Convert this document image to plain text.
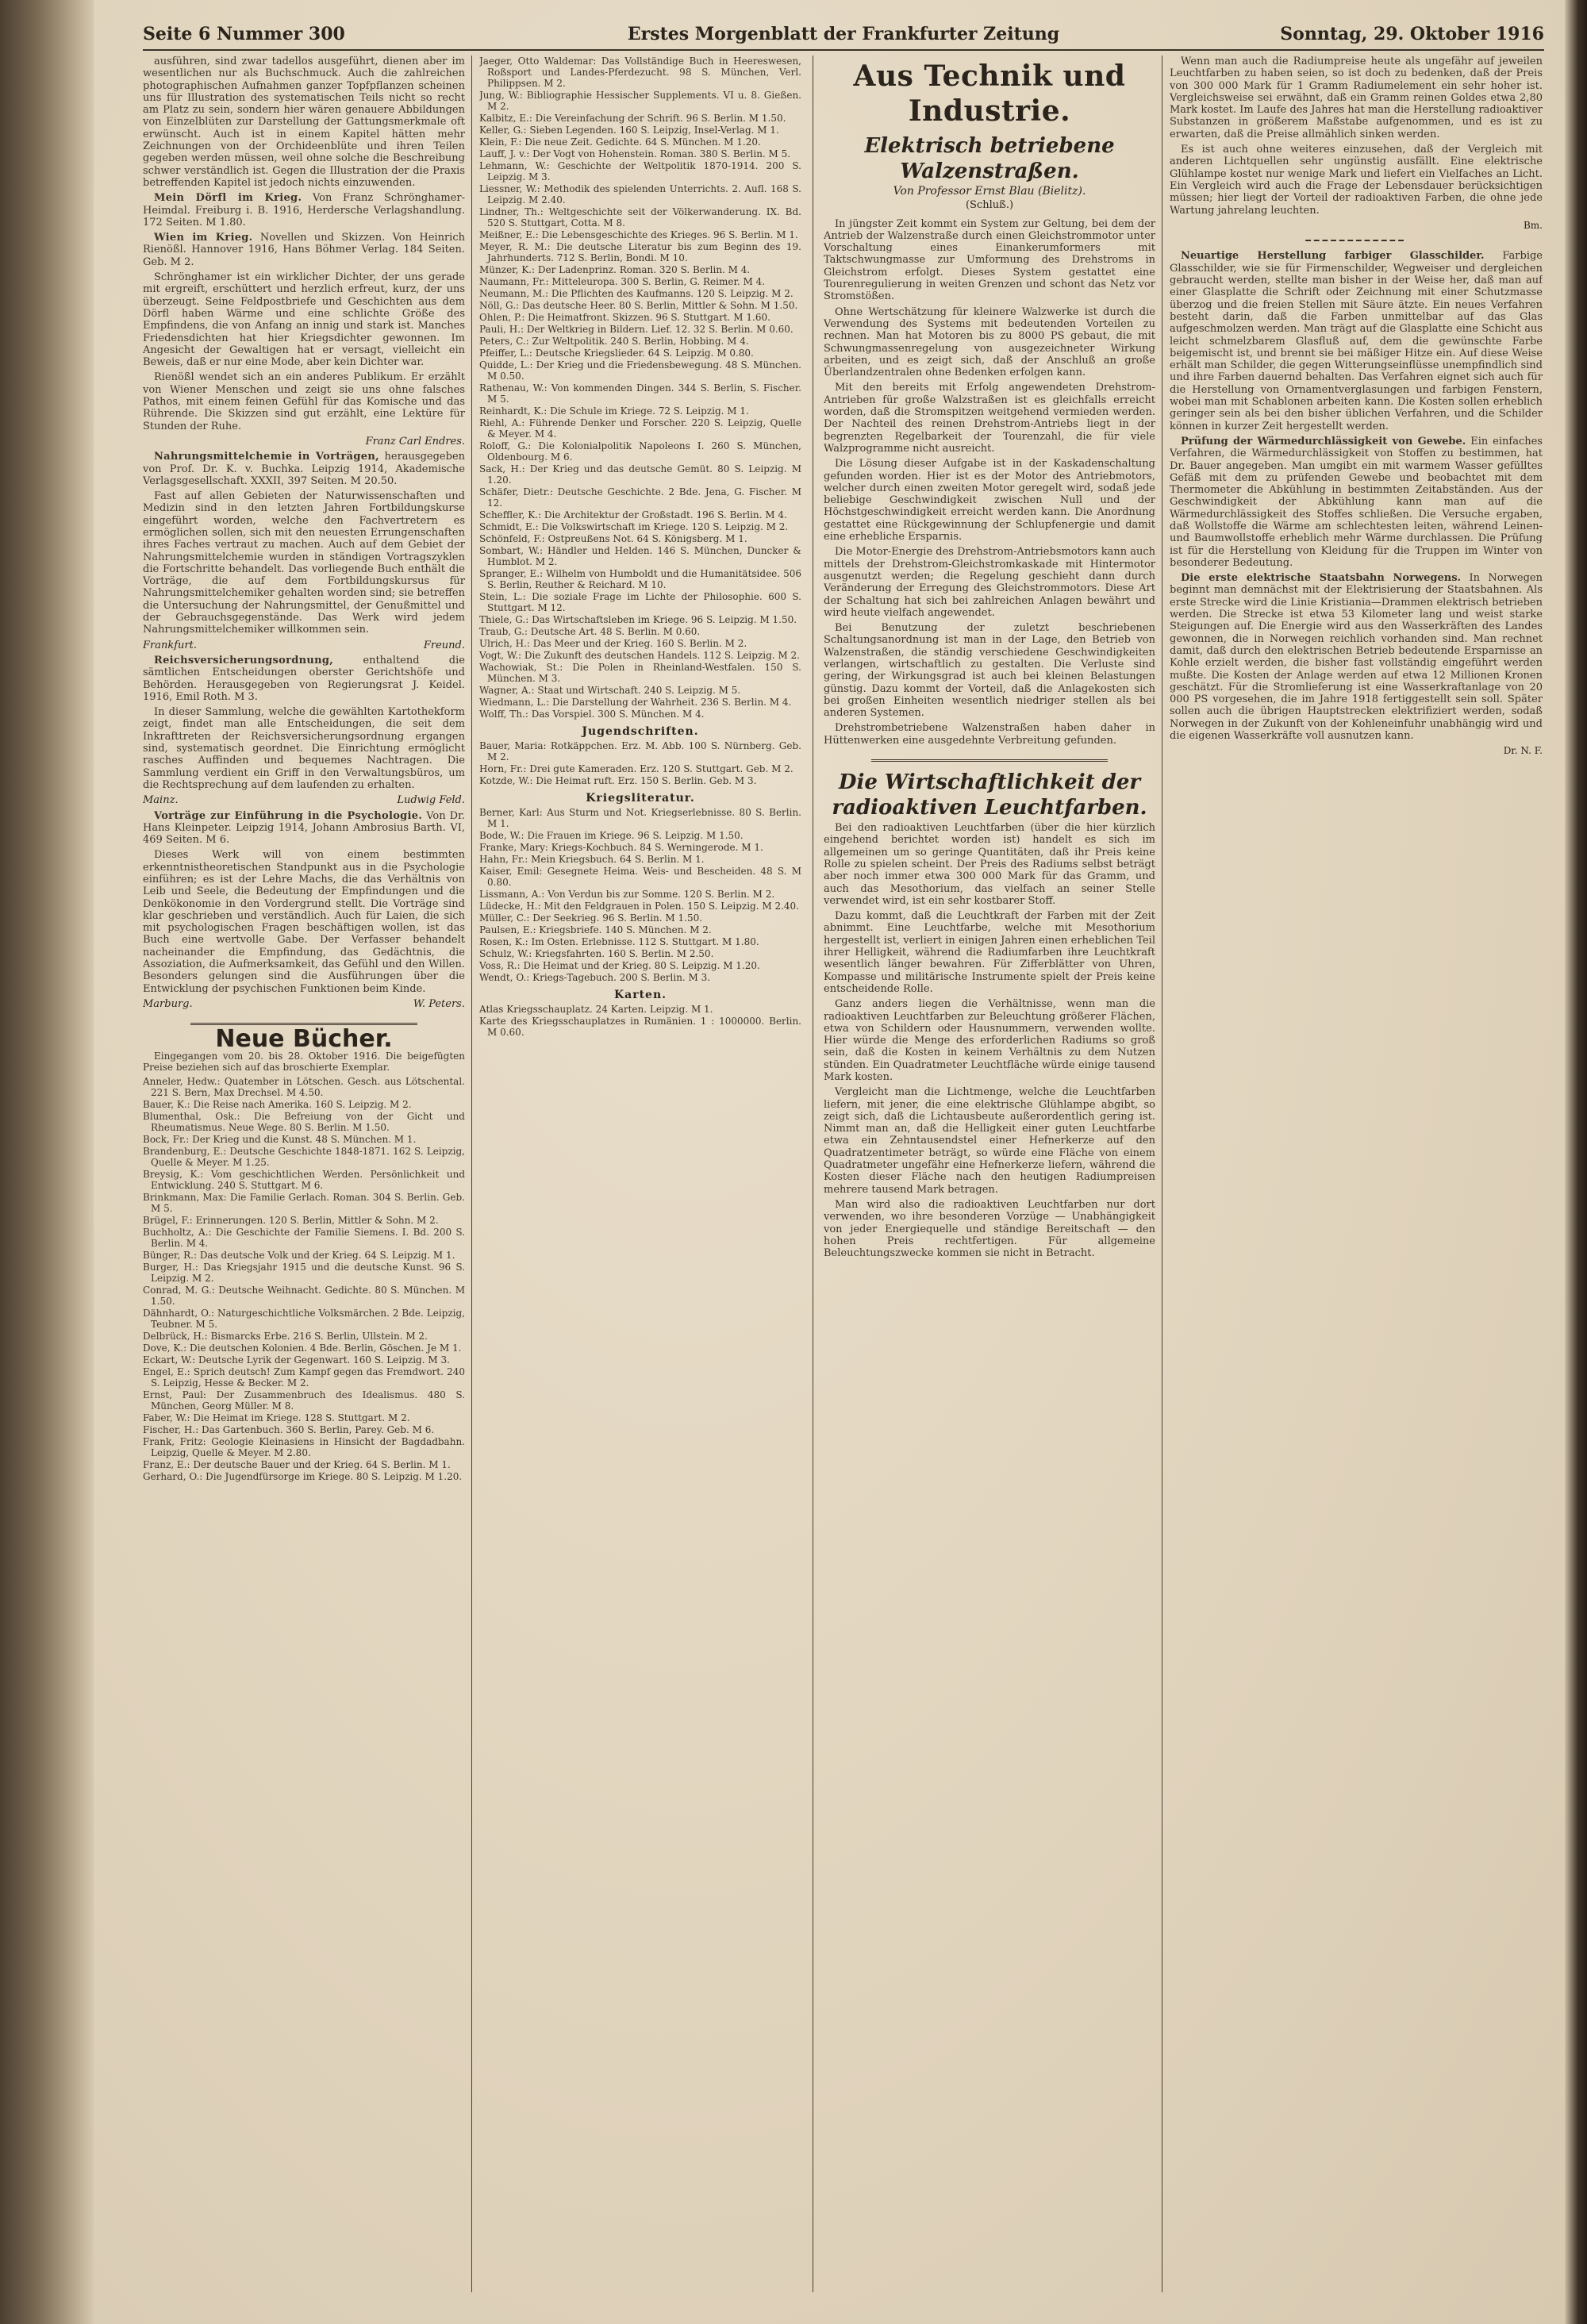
Seite 6 Nummer 300	Erstes Morgenblatt der Frankfurter Zeitung	Sonntag, 29. Oktober 1916

ausführen, sind zwar tadellos ausgeführt, dienen aber im wesentlichen nur als Buchschmuck. Auch die zahlreichen photographischen Aufnahmen ganzer Topfpflanzen scheinen uns für Illustration des systematischen Teils nicht so recht am Platz zu sein, sondern hier wären genauere Abbildungen von Einzelblüten zur Darstellung der Gattungsmerkmale oft erwünscht. Auch ist in einem Kapitel hätten mehr Zeichnungen von der Orchideenblüte und ihren Teilen gegeben werden müssen, weil ohne solche die Beschreibung schwer verständlich ist. Gegen die Illustration der die Praxis betreffenden Kapitel ist jedoch nichts einzuwenden.

Mein Dörfl im Krieg. Von Franz Schrönghamer-Heimdal. Freiburg i. B. 1916, Herdersche Verlagshandlung. 172 Seiten. M 1.80.

Wien im Krieg. Novellen und Skizzen. Von Heinrich Rienößl. Hannover 1916, Hans Böhmer Verlag. 184 Seiten. Geb. M 2.

Schrönghamer ist ein wirklicher Dichter, der uns gerade mit ergreift, erschüttert und herzlich erfreut, kurz, der uns überzeugt. Seine Feldpostbriefe und Geschichten aus dem Dörfl haben Wärme und eine schlichte Größe des Empfindens, die von Anfang an innig und stark ist. Manches Friedensdichten hat hier Kriegsdichter gewonnen. Im Angesicht der Gewaltigen hat er versagt, vielleicht ein Beweis, daß er nur eine Mode, aber kein Dichter war.

Rienößl wendet sich an ein anderes Publikum. Er erzählt von Wiener Menschen und zeigt sie uns ohne falsches Pathos, mit einem feinen Gefühl für das Komische und das Rührende. Die Skizzen sind gut erzählt, eine Lektüre für Stunden der Ruhe.

Franz Carl Endres.

Nahrungsmittelchemie in Vorträgen, herausgegeben von Prof. Dr. K. v. Buchka. Leipzig 1914, Akademische Verlagsgesellschaft. XXXII, 397 Seiten. M 20.50.

Fast auf allen Gebieten der Naturwissenschaften und Medizin sind in den letzten Jahren Fortbildungskurse eingeführt worden, welche den Fachvertretern es ermöglichen sollen, sich mit den neuesten Errungenschaften ihres Faches vertraut zu machen. Auch auf dem Gebiet der Nahrungsmittelchemie wurden in ständigen Vortragszyklen die Fortschritte behandelt. Das vorliegende Buch enthält die Vorträge, die auf dem Fortbildungskursus für Nahrungsmittelchemiker gehalten worden sind; sie betreffen die Untersuchung der Nahrungsmittel, der Genußmittel und der Gebrauchsgegenstände. Das Werk wird jedem Nahrungsmittelchemiker willkommen sein.

Frankfurt.	Freund.

Reichsversicherungsordnung,	enthaltend die sämtlichen Entscheidungen oberster Gerichtshöfe und Behörden. Herausgegeben von Regierungsrat J. Keidel. 1916, Emil Roth. M 3.

In dieser Sammlung, welche die gewählten Kartothekform zeigt, findet man alle Entscheidungen, die seit dem Inkrafttreten der Reichsversicherungsordnung ergangen sind, systematisch geordnet. Die Einrichtung ermöglicht rasches Auffinden und bequemes Nachtragen. Die Sammlung verdient ein Griff in den Verwaltungsbüros, um die Rechtsprechung auf dem laufenden zu erhalten.

Mainz.	Ludwig Feld.

Vorträge zur Einführung in die Psychologie. Von Dr. Hans Kleinpeter. Leipzig 1914, Johann Ambrosius Barth. VI, 469 Seiten. M 6.

Dieses Werk will von einem bestimmten erkenntnistheoretischen Standpunkt aus in die Psychologie einführen; es ist der Lehre Machs, die das Verhältnis von Leib und Seele, die Bedeutung der Empfindungen und die Denkökonomie in den Vordergrund stellt. Die Vorträge sind klar geschrieben und verständlich. Auch für Laien, die sich mit psychologischen Fragen beschäftigen wollen, ist das Buch eine wertvolle Gabe. Der Verfasser behandelt nacheinander die Empfindung, das Gedächtnis, die Assoziation, die Aufmerksamkeit, das Gefühl und den Willen. Besonders gelungen sind die Ausführungen über die Entwicklung der psychischen Funktionen beim Kinde.

Marburg.	W. Peters.
Neue Bücher.

Eingegangen vom 20. bis 28. Oktober 1916. Die beigefügten Preise beziehen sich auf das broschierte Exemplar.

Anneler, Hedw.: Quatember in Lötschen. Gesch. aus Lötschental. 221 S. Bern, Max Drechsel. M 4.50.

Bauer, K.: Die Reise nach Amerika. 160 S. Leipzig. M 2.

Blumenthal, Osk.: Die Befreiung von der Gicht und Rheumatismus. Neue Wege. 80 S. Berlin. M 1.50.

Bock, Fr.: Der Krieg und die Kunst. 48 S. München. M 1.

Brandenburg, E.: Deutsche Geschichte 1848-1871. 162 S. Leipzig, Quelle & Meyer. M 1.25.

Breysig, K.: Vom geschichtlichen Werden. Persönlichkeit und Entwicklung. 240 S. Stuttgart. M 6.

Brinkmann, Max: Die Familie Gerlach. Roman. 304 S. Berlin. Geb. M 5.

Brügel, F.: Erinnerungen. 120 S. Berlin, Mittler & Sohn. M 2.

Buchholtz, A.: Die Geschichte der Familie Siemens. I. Bd. 200 S. Berlin. M 4.

Bünger, R.: Das deutsche Volk und der Krieg. 64 S. Leipzig. M 1.

Burger, H.: Das Kriegsjahr 1915 und die deutsche Kunst. 96 S. Leipzig. M 2.

Conrad, M. G.: Deutsche Weihnacht. Gedichte. 80 S. München. M 1.50.

Dähnhardt, O.: Naturgeschichtliche Volksmärchen. 2 Bde. Leipzig, Teubner. M 5.

Delbrück, H.: Bismarcks Erbe. 216 S. Berlin, Ullstein. M 2.

Dove, K.: Die deutschen Kolonien. 4 Bde. Berlin, Göschen. Je M 1.

Eckart, W.: Deutsche Lyrik der Gegenwart. 160 S. Leipzig. M 3.

Engel, E.: Sprich deutsch! Zum Kampf gegen das Fremdwort. 240 S. Leipzig, Hesse & Becker. M 2.

Ernst, Paul: Der Zusammenbruch des Idealismus. 480 S. München, Georg Müller. M 8.

Faber, W.: Die Heimat im Kriege. 128 S. Stuttgart. M 2.

Fischer, H.: Das Gartenbuch. 360 S. Berlin, Parey. Geb. M 6.

Frank, Fritz: Geologie Kleinasiens in Hinsicht der Bagdadbahn. Leipzig, Quelle & Meyer. M 2.80.

Franz, E.: Der deutsche Bauer und der Krieg. 64 S. Berlin. M 1.

Gerhard, O.: Die Jugendfürsorge im Kriege. 80 S. Leipzig. M 1.20.

Jaeger, Otto Waldemar: Das Vollständige Buch in Heereswesen, Roßsport und Landes-Pferdezucht. 98 S. München, Verl. Philippsen. M 2.

Jung, W.: Bibliographie Hessischer Supplements. VI u. 8. Gießen. M 2.

Kalbitz, E.: Die Vereinfachung der Schrift. 96 S. Berlin. M 1.50.

Keller, G.: Sieben Legenden. 160 S. Leipzig, Insel-Verlag. M 1.

Klein, F.: Die neue Zeit. Gedichte. 64 S. München. M 1.20.

Lauff, J. v.: Der Vogt von Hohenstein. Roman. 380 S. Berlin. M 5.

Lehmann, W.: Geschichte der Weltpolitik 1870-1914. 200 S. Leipzig. M 3.

Liessner, W.: Methodik des spielenden Unterrichts. 2. Aufl. 168 S. Leipzig. M 2.40.

Lindner, Th.: Weltgeschichte seit der Völkerwanderung. IX. Bd. 520 S. Stuttgart, Cotta. M 8.

Meißner, E.: Die Lebensgeschichte des Krieges. 96 S. Berlin. M 1.

Meyer, R. M.: Die deutsche Literatur bis zum Beginn des 19. Jahrhunderts. 712 S. Berlin, Bondi. M 10.

Münzer, K.: Der Ladenprinz. Roman. 320 S. Berlin. M 4.

Naumann, Fr.: Mitteleuropa. 300 S. Berlin, G. Reimer. M 4.

Neumann, M.: Die Pflichten des Kaufmanns. 120 S. Leipzig. M 2.

Nöll, G.: Das deutsche Heer. 80 S. Berlin, Mittler & Sohn. M 1.50.

Ohlen, P.: Die Heimatfront. Skizzen. 96 S. Stuttgart. M 1.60.

Pauli, H.: Der Weltkrieg in Bildern. Lief. 12. 32 S. Berlin. M 0.60.

Peters, C.: Zur Weltpolitik. 240 S. Berlin, Hobbing. M 4.

Pfeiffer, L.: Deutsche Kriegslieder. 64 S. Leipzig. M 0.80.

Quidde, L.: Der Krieg und die Friedensbewegung. 48 S. München. M 0.50.

Rathenau, W.: Von kommenden Dingen. 344 S. Berlin, S. Fischer. M 5.

Reinhardt, K.: Die Schule im Kriege. 72 S. Leipzig. M 1.

Riehl, A.: Führende Denker und Forscher. 220 S. Leipzig, Quelle & Meyer. M 4.

Roloff, G.: Die Kolonialpolitik Napoleons I. 260 S. München, Oldenbourg. M 6.

Sack, H.: Der Krieg und das deutsche Gemüt. 80 S. Leipzig. M 1.20.

Schäfer, Dietr.: Deutsche Geschichte. 2 Bde. Jena, G. Fischer. M 12.

Scheffler, K.: Die Architektur der Großstadt. 196 S. Berlin. M 4.

Schmidt, E.: Die Volkswirtschaft im Kriege. 120 S. Leipzig. M 2.

Schönfeld, F.: Ostpreußens Not. 64 S. Königsberg. M 1.

Sombart, W.: Händler und Helden. 146 S. München, Duncker & Humblot. M 2.

Spranger, E.: Wilhelm von Humboldt und die Humanitätsidee. 506 S. Berlin, Reuther & Reichard. M 10.

Stein, L.: Die soziale Frage im Lichte der Philosophie. 600 S. Stuttgart. M 12.

Thiele, G.: Das Wirtschaftsleben im Kriege. 96 S. Leipzig. M 1.50.

Traub, G.: Deutsche Art. 48 S. Berlin. M 0.60.

Ulrich, H.: Das Meer und der Krieg. 160 S. Berlin. M 2.

Vogt, W.: Die Zukunft des deutschen Handels. 112 S. Leipzig. M 2.

Wachowiak, St.: Die Polen in Rheinland-Westfalen. 150 S. München. M 3.

Wagner, A.: Staat und Wirtschaft. 240 S. Leipzig. M 5.

Wiedmann, L.: Die Darstellung der Wahrheit. 236 S. Berlin. M 4.

Wolff, Th.: Das Vorspiel. 300 S. München. M 4.

Jugendschriften.

Bauer, Maria: Rotkäppchen. Erz. M. Abb. 100 S. Nürnberg. Geb. M 2.

Horn, Fr.: Drei gute Kameraden. Erz. 120 S. Stuttgart. Geb. M 2.

Kotzde, W.: Die Heimat ruft. Erz. 150 S. Berlin. Geb. M 3.

Kriegsliteratur.

Berner, Karl: Aus Sturm und Not. Kriegserlebnisse. 80 S. Berlin. M 1.

Bode, W.: Die Frauen im Kriege. 96 S. Leipzig. M 1.50.

Franke, Mary: Kriegs-Kochbuch. 84 S. Werningerode. M 1.

Hahn, Fr.: Mein Kriegsbuch. 64 S. Berlin. M 1.

Kaiser, Emil: Gesegnete Heima. Weis- und Bescheiden. 48 S. M 0.80.

Lissmann, A.: Von Verdun bis zur Somme. 120 S. Berlin. M 2.

Lüdecke, H.: Mit den Feldgrauen in Polen. 150 S. Leipzig. M 2.40.

Müller, C.: Der Seekrieg. 96 S. Berlin. M 1.50.

Paulsen, E.: Kriegsbriefe. 140 S. München. M 2.

Rosen, K.: Im Osten. Erlebnisse. 112 S. Stuttgart. M 1.80.

Schulz, W.: Kriegsfahrten. 160 S. Berlin. M 2.50.

Voss, R.: Die Heimat und der Krieg. 80 S. Leipzig. M 1.20.

Wendt, O.: Kriegs-Tagebuch. 200 S. Berlin. M 3.

Karten.

Atlas Kriegsschauplatz. 24 Karten. Leipzig. M 1.

Karte des Kriegsschauplatzes in Rumänien. 1 : 1000000. Berlin. M 0.60.

Aus Technik und Industrie.
Elektrisch betriebene Walzenstraßen.
Von Professor Ernst Blau (Bielitz).
(Schluß.)

In jüngster Zeit kommt ein System zur Geltung, bei dem der Antrieb der Walzenstraße durch einen Gleichstrommotor unter Vorschaltung eines Einankerumformers mit Taktschwungmasse zur Umformung des Drehstroms in Gleichstrom erfolgt. Dieses System gestattet eine Tourenregulierung in weiten Grenzen und schont das Netz vor Stromstößen.

Ohne Wertschätzung für kleinere Walzwerke ist durch die Verwendung des Systems mit bedeutenden Vorteilen zu rechnen. Man hat Motoren bis zu 8000 PS gebaut, die mit Schwungmassenregelung von ausgezeichneter Wirkung arbeiten, und es zeigt sich, daß der Anschluß an große Überlandzentralen ohne Bedenken erfolgen kann.

Mit den bereits mit Erfolg angewendeten Drehstrom-Antrieben für große Walzstraßen ist es gleichfalls erreicht worden, daß die Stromspitzen weitgehend vermieden werden. Der Nachteil des reinen Drehstrom-Antriebs liegt in der begrenzten Regelbarkeit der Tourenzahl, die für viele Walzprogramme nicht ausreicht.

Die Lösung dieser Aufgabe ist in der Kaskadenschaltung gefunden worden. Hier ist es der Motor des Antriebmotors, welcher durch einen zweiten Motor geregelt wird, sodaß jede beliebige Geschwindigkeit zwischen Null und der Höchstgeschwindigkeit erreicht werden kann. Die Anordnung gestattet eine Rückgewinnung der Schlupfenergie und damit eine erhebliche Ersparnis.

Die Motor-Energie des Drehstrom-Antriebsmotors kann auch mittels der Drehstrom-Gleichstromkaskade mit Hintermotor ausgenutzt werden; die Regelung geschieht dann durch Veränderung der Erregung des Gleichstrommotors. Diese Art der Schaltung hat sich bei zahlreichen Anlagen bewährt und wird heute vielfach angewendet.

Bei Benutzung der zuletzt beschriebenen Schaltungsanordnung ist man in der Lage, den Betrieb von Walzenstraßen, die ständig verschiedene Geschwindigkeiten verlangen, wirtschaftlich zu gestalten. Die Verluste sind gering, der Wirkungsgrad ist auch bei kleinen Belastungen günstig. Dazu kommt der Vorteil, daß die Anlagekosten sich bei großen Einheiten wesentlich niedriger stellen als bei anderen Systemen.

Drehstrombetriebene Walzenstraßen haben daher in Hüttenwerken eine ausgedehnte Verbreitung gefunden.

Die Wirtschaftlichkeit der radioaktiven Leuchtfarben.

Bei den radioaktiven Leuchtfarben (über die hier kürzlich eingehend berichtet worden ist) handelt es sich im allgemeinen um so geringe Quantitäten, daß ihr Preis keine Rolle zu spielen scheint. Der Preis des Radiums selbst beträgt aber noch immer etwa 300 000 Mark für das Gramm, und auch das Mesothorium, das vielfach an seiner Stelle verwendet wird, ist ein sehr kostbarer Stoff.

Dazu kommt, daß die Leuchtkraft der Farben mit der Zeit abnimmt. Eine Leuchtfarbe, welche mit Mesothorium hergestellt ist, verliert in einigen Jahren einen erheblichen Teil ihrer Helligkeit, während die Radiumfarben ihre Leuchtkraft wesentlich länger bewahren. Für Zifferblätter von Uhren, Kompasse und militärische Instrumente spielt der Preis keine entscheidende Rolle.

Ganz anders liegen die Verhältnisse, wenn man die radioaktiven Leuchtfarben zur Beleuchtung größerer Flächen, etwa von Schildern oder Hausnummern, verwenden wollte. Hier würde die Menge des erforderlichen Radiums so groß sein, daß die Kosten in keinem Verhältnis zu dem Nutzen stünden. Ein Quadratmeter Leuchtfläche würde einige tausend Mark kosten.

Vergleicht man die Lichtmenge, welche die Leuchtfarben liefern, mit jener, die eine elektrische Glühlampe abgibt, so zeigt sich, daß die Lichtausbeute außerordentlich gering ist. Nimmt man an, daß die Helligkeit einer guten Leuchtfarbe etwa ein Zehntausendstel einer Hefnerkerze auf den Quadratzentimeter beträgt, so würde eine Fläche von einem Quadratmeter ungefähr eine Hefnerkerze liefern, während die Kosten dieser Fläche nach den heutigen Radiumpreisen mehrere tausend Mark betragen.

Man wird also die radioaktiven Leuchtfarben nur dort verwenden, wo ihre besonderen Vorzüge — Unabhängigkeit von jeder Energiequelle und ständige Bereitschaft — den hohen Preis rechtfertigen. Für allgemeine Beleuchtungszwecke kommen sie nicht in Betracht.

Wenn man auch die Radiumpreise heute als ungefähr auf jeweilen Leuchtfarben zu haben seien, so ist doch zu bedenken, daß der Preis von 300 000 Mark für 1 Gramm Radiumelement ein sehr hoher ist. Vergleichsweise sei erwähnt, daß ein Gramm reinen Goldes etwa 2,80 Mark kostet. Im Laufe des Jahres hat man die Herstellung radioaktiver Substanzen in größerem Maßstabe aufgenommen, und es ist zu erwarten, daß die Preise allmählich sinken werden.

Es ist auch ohne weiteres einzusehen, daß der Vergleich mit anderen Lichtquellen sehr ungünstig ausfällt. Eine elektrische Glühlampe kostet nur wenige Mark und liefert ein Vielfaches an Licht. Ein Vergleich wird auch die Frage der Lebensdauer berücksichtigen müssen; hier liegt der Vorteil der radioaktiven Farben, die ohne jede Wartung jahrelang leuchten.

Bm.
━━━━━━━━━━━━

Neuartige Herstellung farbiger Glasschilder. Farbige Glasschilder, wie sie für Firmenschilder, Wegweiser und dergleichen gebraucht werden, stellte man bisher in der Weise her, daß man auf einer Glasplatte die Schrift oder Zeichnung mit einer Schutzmasse überzog und die freien Stellen mit Säure ätzte. Ein neues Verfahren besteht darin, daß die Farben unmittelbar auf das Glas aufgeschmolzen werden. Man trägt auf die Glasplatte eine Schicht aus leicht schmelzbarem Glasfluß auf, dem die gewünschte Farbe beigemischt ist, und brennt sie bei mäßiger Hitze ein. Auf diese Weise erhält man Schilder, die gegen Witterungseinflüsse unempfindlich sind und ihre Farben dauernd behalten. Das Verfahren eignet sich auch für die Herstellung von Ornamentverglasungen und farbigen Fenstern, wobei man mit Schablonen arbeiten kann. Die Kosten sollen erheblich geringer sein als bei den bisher üblichen Verfahren, und die Schilder können in kurzer Zeit hergestellt werden.

Prüfung der Wärmedurchlässigkeit von Gewebe. Ein einfaches Verfahren, die Wärmedurchlässigkeit von Stoffen zu bestimmen, hat Dr. Bauer angegeben. Man umgibt ein mit warmem Wasser gefülltes Gefäß mit dem zu prüfenden Gewebe und beobachtet mit dem Thermometer die Abkühlung in bestimmten Zeitabständen. Aus der Geschwindigkeit der Abkühlung kann man auf die Wärmedurchlässigkeit des Stoffes schließen. Die Versuche ergaben, daß Wollstoffe die Wärme am schlechtesten leiten, während Leinen- und Baumwollstoffe erheblich mehr Wärme durchlassen. Die Prüfung ist für die Herstellung von Kleidung für die Truppen im Winter von besonderer Bedeutung.

Die erste elektrische Staatsbahn Norwegens. In Norwegen beginnt man demnächst mit der Elektrisierung der Staatsbahnen. Als erste Strecke wird die Linie Kristiania—Drammen elektrisch betrieben werden. Die Strecke ist etwa 53 Kilometer lang und weist starke Steigungen auf. Die Energie wird aus den Wasserkräften des Landes gewonnen, die in Norwegen reichlich vorhanden sind. Man rechnet damit, daß durch den elektrischen Betrieb bedeutende Ersparnisse an Kohle erzielt werden, die bisher fast vollständig eingeführt werden mußte. Die Kosten der Anlage werden auf etwa 12 Millionen Kronen geschätzt. Für die Stromlieferung ist eine Wasserkraftanlage von 20 000 PS vorgesehen, die im Jahre 1918 fertiggestellt sein soll. Später sollen auch die übrigen Hauptstrecken elektrifiziert werden, sodaß Norwegen in der Zukunft von der Kohleneinfuhr unabhängig wird und die eigenen Wasserkräfte voll ausnutzen kann.

Dr. N. F.
